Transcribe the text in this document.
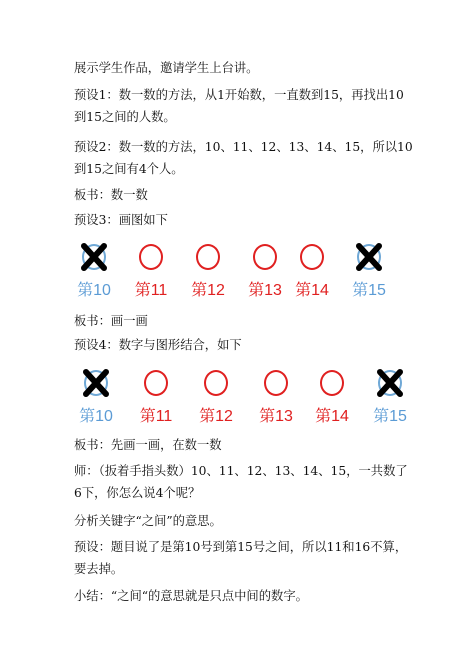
展示学生作品，邀请学生上台讲。

预设1：数一数的方法，从1开始数，一直数到15，再找出10到15之间的人数。

预设2：数一数的方法，10、11、12、13、14、15，所以10到15之间有4个人。

板书：数一数

预设3：画图如下

第10	第11	第12	第13 第14	第15

板书：画一画

预设4：数字与图形结合，如下

第10	第11	第12	第13	第14	第15

板书：先画一画，在数一数

师：（扳着手指头数）10、11、12、13、14、15，一共数了6下，你怎么说4个呢？

分析关键字“之间”的意思。

预设：题目说了是第10号到第15号之间，所以11和16不算，要去掉。

小结：“之间“的意思就是只点中间的数字。
